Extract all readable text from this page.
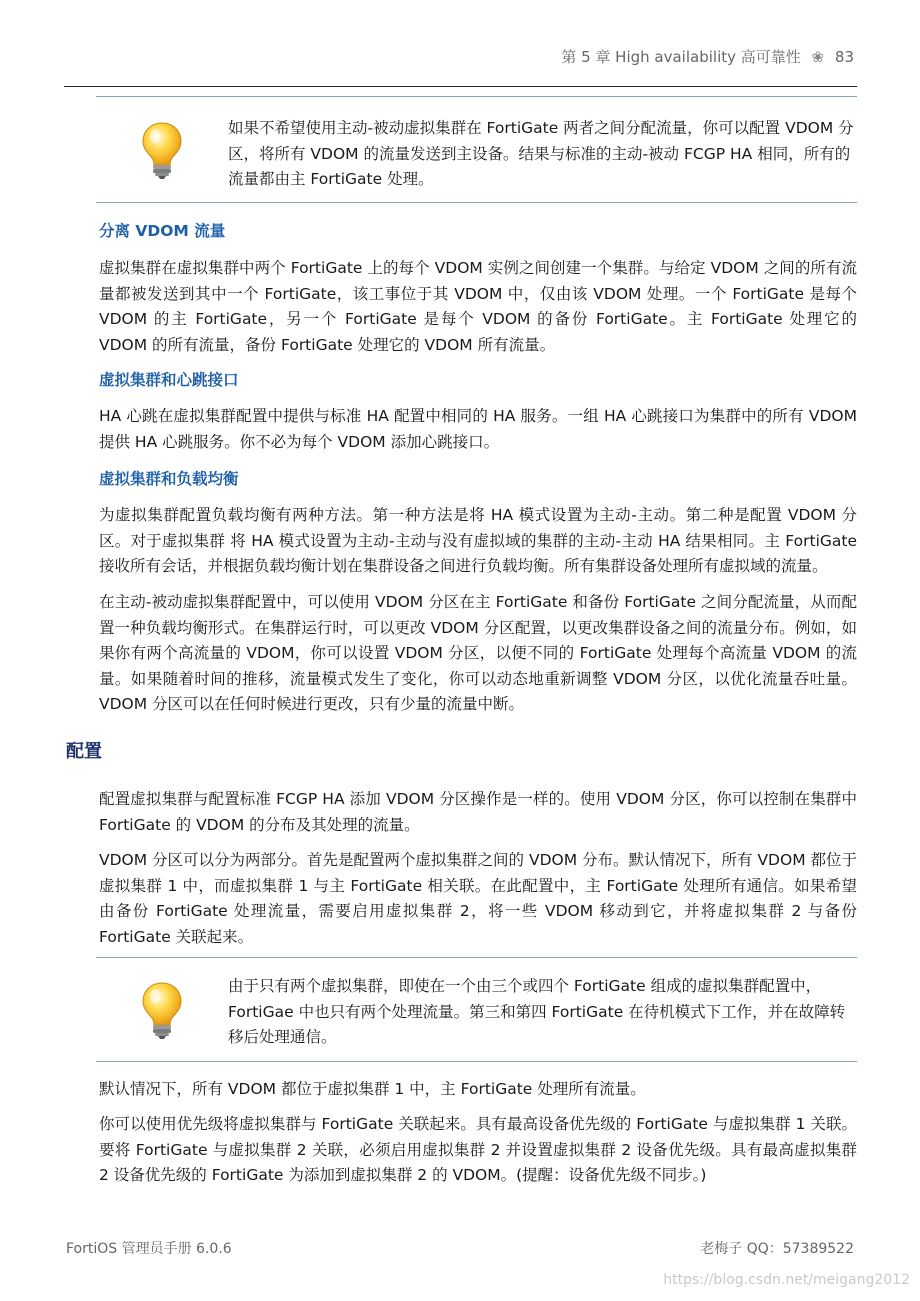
第 5 章 High availability 高可靠性 ❀ 83
如果不希望使用主动-被动虚拟集群在 FortiGate 两者之间分配流量，你可以配置 VDOM 分区，将所有 VDOM 的流量发送到主设备。结果与标准的主动-被动 FCGP HA 相同，所有的流量都由主 FortiGate 处理。
分离 VDOM 流量
虚拟集群在虚拟集群中两个 FortiGate 上的每个 VDOM 实例之间创建一个集群。与给定 VDOM 之间的所有流量都被发送到其中一个 FortiGate，该工事位于其 VDOM 中，仅由该 VDOM 处理。一个 FortiGate 是每个 VDOM 的主 FortiGate，另一个 FortiGate 是每个 VDOM 的备份 FortiGate。主 FortiGate 处理它的 VDOM 的所有流量，备份 FortiGate 处理它的 VDOM 所有流量。
虚拟集群和心跳接口
HA 心跳在虚拟集群配置中提供与标准 HA 配置中相同的 HA 服务。一组 HA 心跳接口为集群中的所有 VDOM 提供 HA 心跳服务。你不必为每个 VDOM 添加心跳接口。
虚拟集群和负载均衡
为虚拟集群配置负载均衡有两种方法。第一种方法是将 HA 模式设置为主动-主动。第二种是配置 VDOM 分区。对于虚拟集群 将 HA 模式设置为主动-主动与没有虚拟域的集群的主动-主动 HA 结果相同。主 FortiGate 接收所有会话，并根据负载均衡计划在集群设备之间进行负载均衡。所有集群设备处理所有虚拟域的流量。
在主动-被动虚拟集群配置中，可以使用 VDOM 分区在主 FortiGate 和备份 FortiGate 之间分配流量，从而配置一种负载均衡形式。在集群运行时，可以更改 VDOM 分区配置，以更改集群设备之间的流量分布。例如，如果你有两个高流量的 VDOM，你可以设置 VDOM 分区，以便不同的 FortiGate 处理每个高流量 VDOM 的流量。如果随着时间的推移，流量模式发生了变化，你可以动态地重新调整 VDOM 分区，以优化流量吞吐量。VDOM 分区可以在任何时候进行更改，只有少量的流量中断。
配置
配置虚拟集群与配置标准 FCGP HA 添加 VDOM 分区操作是一样的。使用 VDOM 分区，你可以控制在集群中 FortiGate 的 VDOM 的分布及其处理的流量。
VDOM 分区可以分为两部分。首先是配置两个虚拟集群之间的 VDOM 分布。默认情况下，所有 VDOM 都位于虚拟集群 1 中，而虚拟集群 1 与主 FortiGate 相关联。在此配置中，主 FortiGate 处理所有通信。如果希望由备份 FortiGate 处理流量，需要启用虚拟集群 2，将一些 VDOM 移动到它，并将虚拟集群 2 与备份 FortiGate 关联起来。
由于只有两个虚拟集群，即使在一个由三个或四个 FortiGate 组成的虚拟集群配置中，FortiGae 中也只有两个处理流量。第三和第四 FortiGate 在待机模式下工作，并在故障转移后处理通信。
默认情况下，所有 VDOM 都位于虚拟集群 1 中，主 FortiGate 处理所有流量。
你可以使用优先级将虚拟集群与 FortiGate 关联起来。具有最高设备优先级的 FortiGate 与虚拟集群 1 关联。要将 FortiGate 与虚拟集群 2 关联，必须启用虚拟集群 2 并设置虚拟集群 2 设备优先级。具有最高虚拟集群 2 设备优先级的 FortiGate 为添加到虚拟集群 2 的 VDOM。(提醒：设备优先级不同步。)
FortiOS 管理员手册 6.0.6	老梅子 QQ：57389522
https://blog.csdn.net/meigang2012
